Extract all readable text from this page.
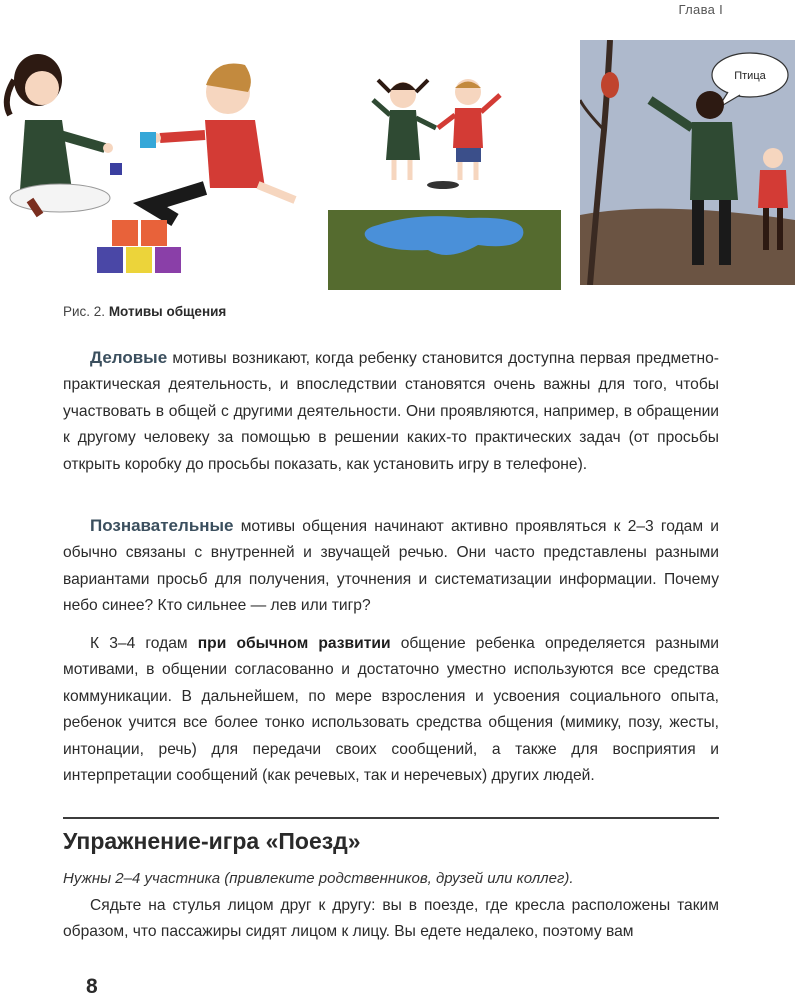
Глава I
Птица
Рис. 2. Мотивы общения

Деловые мотивы возникают, когда ребенку становится доступна первая предметно-практическая деятельность, и впоследствии становятся очень важны для того, чтобы участвовать в общей с другими деятельности. Они проявляются, например, в обращении к другому человеку за помощью в решении каких-то практических задач (от просьбы открыть коробку до просьбы показать, как установить игру в телефоне).

Познавательные мотивы общения начинают активно проявляться к 2–3 годам и обычно связаны с внутренней и звучащей речью. Они часто представлены разными вариантами просьб для получения, уточнения и систематизации информации. Почему небо синее? Кто сильнее — лев или тигр?

К 3–4 годам при обычном развитии общение ребенка определяется разными мотивами, в общении согласованно и достаточно уместно используются все средства коммуникации. В дальнейшем, по мере взросления и усвоения социального опыта, ребенок учится все более тонко использовать средства общения (мимику, позу, жесты, интонации, речь) для передачи своих сообщений, а также для восприятия и интерпретации сообщений (как речевых, так и неречевых) других людей.

Упражнение-игра «Поезд»
Нужны 2–4 участника (привлеките родственников, друзей или коллег).

Сядьте на стулья лицом друг к другу: вы в поезде, где кресла расположены таким образом, что пассажиры сидят лицом к лицу. Вы едете недалеко, поэтому вам

8
